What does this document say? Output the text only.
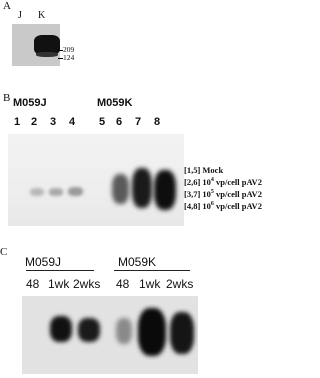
A
J K
209
124
B M059J	M059K
1 2 3 4 5 6 7 8
[1,5] Mock
[2,6] $10^4$ vp/cell pAV2
[3,7] $10^5$ vp/cell pAV2
[4,8] $10^6$ vp/cell pAV2
C
M059J	M059K
48 1wk 2wks 48 1wk 2wks
